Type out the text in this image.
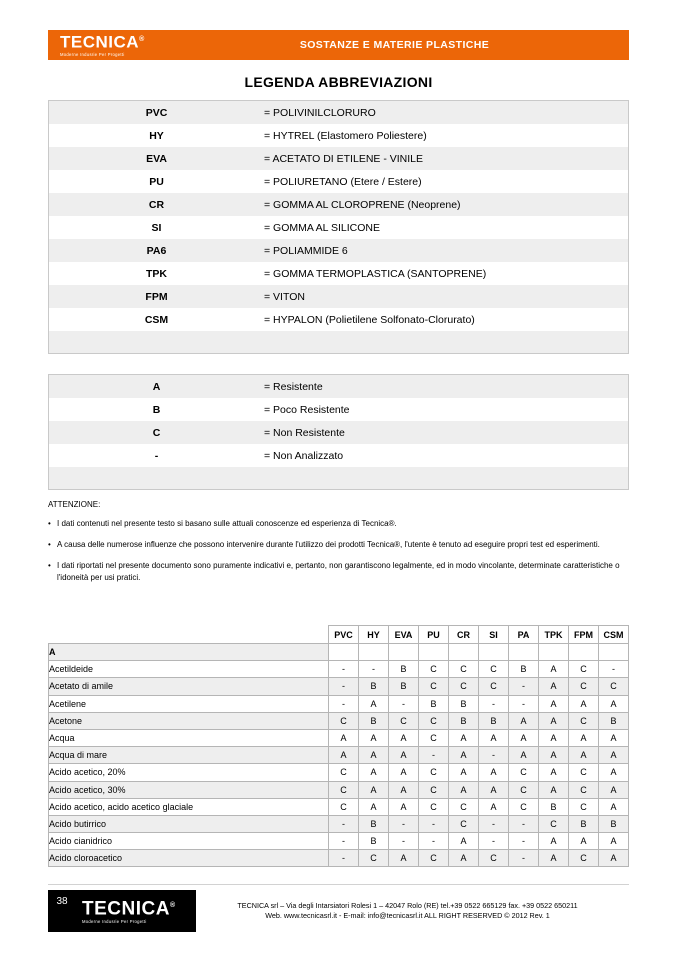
TECNICA®
Moderne Indusrie Per Progetti
SOSTANZE E MATERIE PLASTICHE
LEGENDA ABBREVIAZIONI
PVC	= POLIVINILCLORURO
HY	= HYTREL (Elastomero Poliestere)
EVA	= ACETATO DI ETILENE - VINILE
PU	= POLIURETANO (Etere / Estere)
CR	= GOMMA AL CLOROPRENE (Neoprene)
SI	= GOMMA AL SILICONE
PA6	= POLIAMMIDE 6
TPK	= GOMMA TERMOPLASTICA (SANTOPRENE)
FPM	= VITON
CSM	= HYPALON (Polietilene Solfonato-Clorurato)
A	= Resistente
B	= Poco Resistente
C	= Non Resistente
-	= Non Analizzato
ATTENZIONE:
• I dati contenuti nel presente testo si basano sulle attuali conoscenze ed esperienza di Tecnica®.
• A causa delle numerose influenze che possono intervenire durante l'utilizzo dei prodotti Tecnica®, l'utente è tenuto ad eseguire propri test ed esperimenti.
• I dati riportati nel presente documento sono puramente indicativi e, pertanto, non garantiscono legalmente, ed in modo vincolante, determinate caratteristiche o l'idoneità per usi pratici.
	PVC	HY	EVA	PU	CR	SI	PA	TPK	FPM	CSM
A										
Acetildeide	-	-	B	C	C	C	B	A	C	-
Acetato di amile	-	B	B	C	C	C	-	A	C	C
Acetilene	-	A	-	B	B	-	-	A	A	A
Acetone	C	B	C	C	B	B	A	A	C	B
Acqua	A	A	A	C	A	A	A	A	A	A
Acqua di mare	A	A	A	-	A	-	A	A	A	A
Acido acetico, 20%	C	A	A	C	A	A	C	A	C	A
Acido acetico, 30%	C	A	A	C	A	A	C	A	C	A
Acido acetico, acido acetico glaciale	C	A	A	C	C	A	C	B	C	A
Acido butirrico	-	B	-	-	C	-	-	C	B	B
Acido cianidrico	-	B	-	-	A	-	-	A	A	A
Acido cloroacetico	-	C	A	C	A	C	-	A	C	A
38 TECNICA®
Moderne Indusrie Per Progetti
TECNICA srl – Via degli Intarsiatori Rolesi 1 – 42047 Rolo (RE) tel.+39 0522 665129 fax. +39 0522 650211
Web. www.tecnicasrl.it - E-mail: info@tecnicasrl.it ALL RIGHT RESERVED © 2012 Rev. 1
